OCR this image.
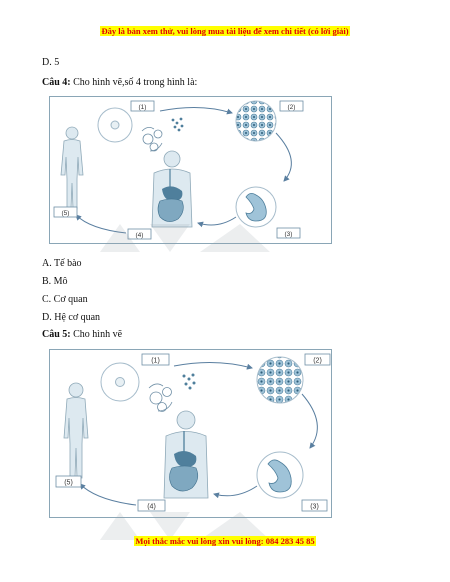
Đây là bản xem thử, vui lòng mua tài liệu để xem chi tiết (có lời giải)
D. 5
Câu 4: Cho hình vẽ,số 4 trong hình là:
(1)	(2)
(3)
(4)
(5)
A. Tế bào
B. Mô
C. Cơ quan
D. Hệ cơ quan
Câu 5: Cho hình vẽ
(1)	(2)
(3)
(4)
(5)
Mọi thắc mắc vui lòng xin vui lòng: 084 283 45 85
